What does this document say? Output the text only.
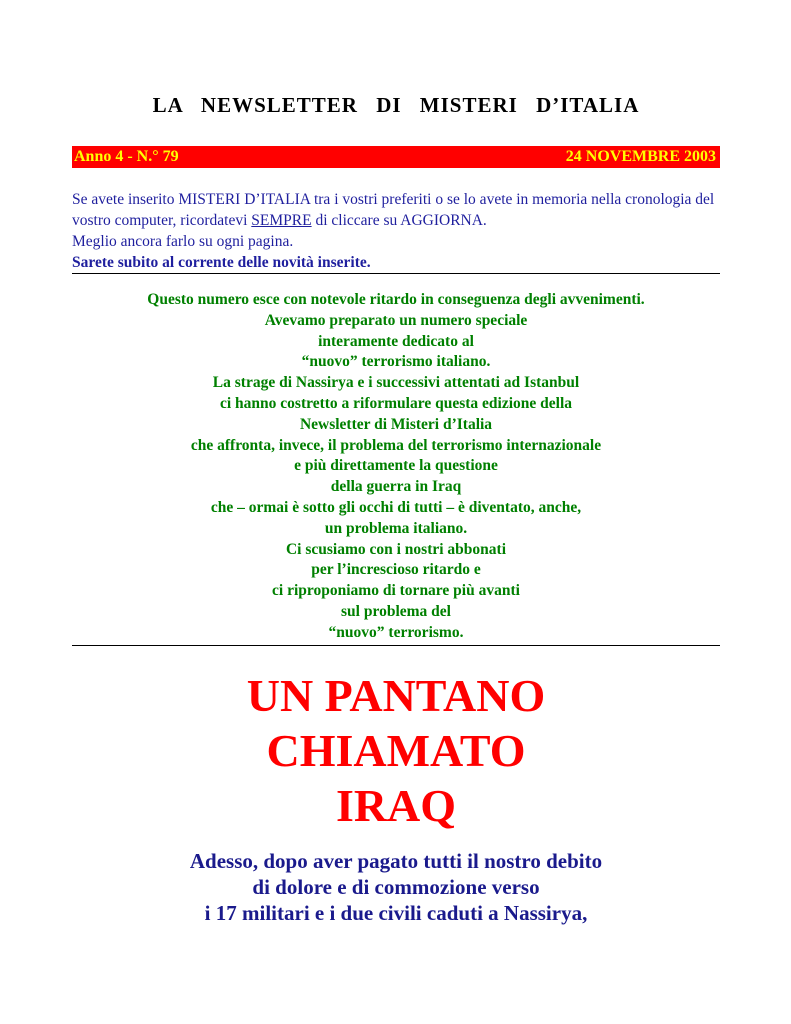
LA NEWSLETTER DI MISTERI D’ITALIA
Anno 4 - N.° 79	24 NOVEMBRE 2003
Se avete inserito MISTERI D’ITALIA tra i vostri preferiti o se lo avete in memoria nella cronologia del vostro computer, ricordatevi SEMPRE di cliccare su AGGIORNA.
Meglio ancora farlo su ogni pagina.
Sarete subito al corrente delle novità inserite.
Questo numero esce con notevole ritardo in conseguenza degli avvenimenti.
Avevamo preparato un numero speciale
interamente dedicato al
“nuovo” terrorismo italiano.
La strage di Nassirya e i successivi attentati ad Istanbul
ci hanno costretto a riformulare questa edizione della
Newsletter di Misteri d’Italia
che affronta, invece, il problema del terrorismo internazionale
e più direttamente la questione
della guerra in Iraq
che – ormai è sotto gli occhi di tutti – è diventato, anche,
un problema italiano.
Ci scusiamo con i nostri abbonati
per l’increscioso ritardo e
ci riproponiamo di tornare più avanti
sul problema del
“nuovo” terrorismo.
UN PANTANO
CHIAMATO
IRAQ
Adesso, dopo aver pagato tutti il nostro debito
di dolore e di commozione verso
i 17 militari e i due civili caduti a Nassirya,
